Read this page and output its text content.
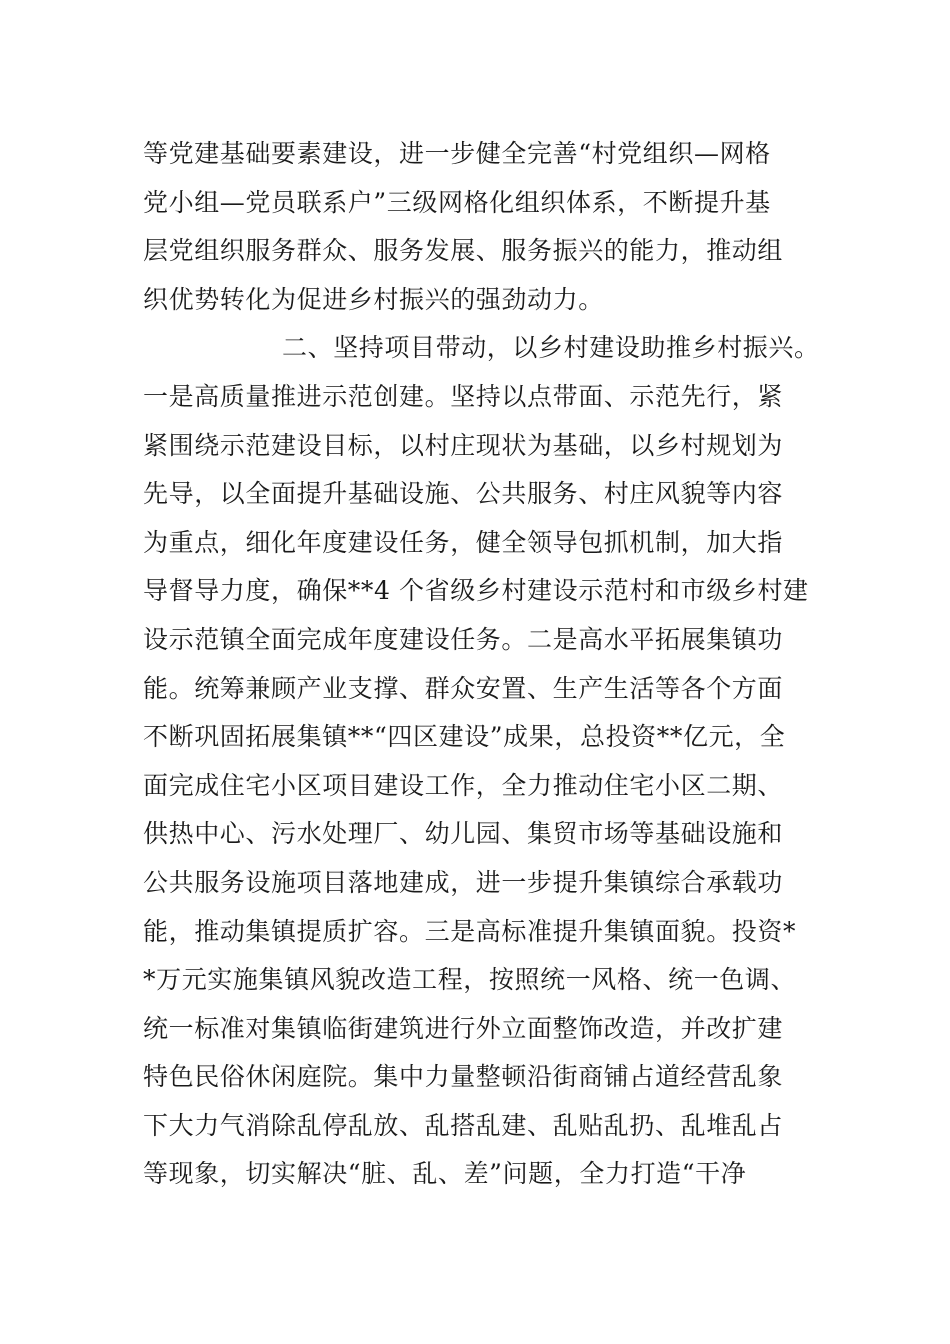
等党建基础要素建设，进一步健全完善“村党组织—网格
党小组—党员联系户”三级网格化组织体系，不断提升基
层党组织服务群众、服务发展、服务振兴的能力，推动组
织优势转化为促进乡村振兴的强劲动力。
二、坚持项目带动，以乡村建设助推乡村振兴。
一是高质量推进示范创建。坚持以点带面、示范先行，紧
紧围绕示范建设目标，以村庄现状为基础，以乡村规划为
先导，以全面提升基础设施、公共服务、村庄风貌等内容
为重点，细化年度建设任务，健全领导包抓机制，加大指
导督导力度，确保**4 个省级乡村建设示范村和市级乡村建
设示范镇全面完成年度建设任务。二是高水平拓展集镇功
能。统筹兼顾产业支撑、群众安置、生产生活等各个方面
不断巩固拓展集镇**“四区建设”成果，总投资**亿元，全
面完成住宅小区项目建设工作，全力推动住宅小区二期、
供热中心、污水处理厂、幼儿园、集贸市场等基础设施和
公共服务设施项目落地建成，进一步提升集镇综合承载功
能，推动集镇提质扩容。三是高标准提升集镇面貌。投资*
*万元实施集镇风貌改造工程，按照统一风格、统一色调、
统一标准对集镇临街建筑进行外立面整饰改造，并改扩建
特色民俗休闲庭院。集中力量整顿沿街商铺占道经营乱象
下大力气消除乱停乱放、乱搭乱建、乱贴乱扔、乱堆乱占
等现象，切实解决“脏、乱、差”问题，全力打造“干净
